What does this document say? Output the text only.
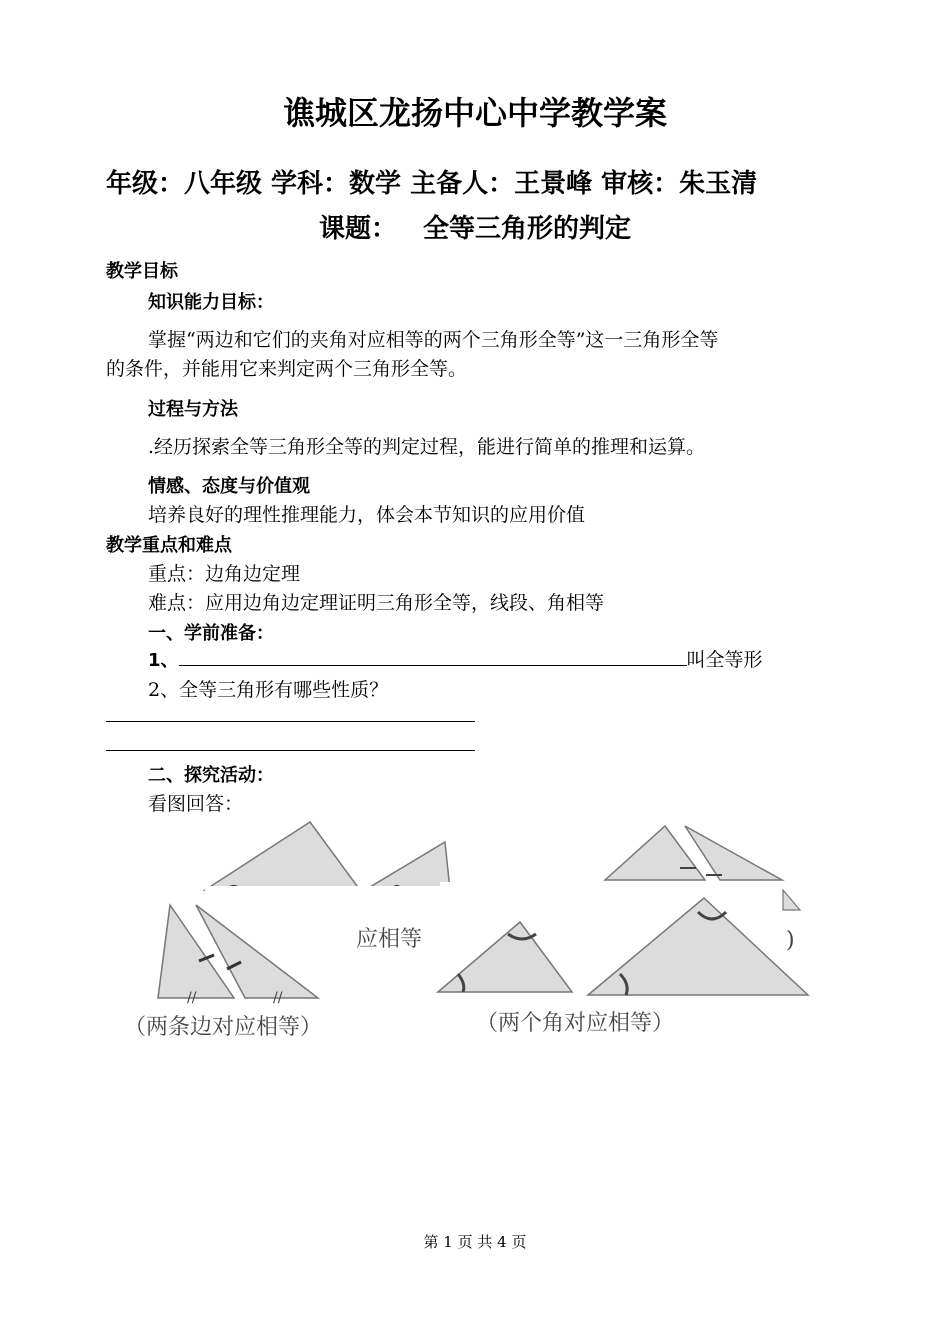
谯城区龙扬中心中学教学案
年级：八年级 学科：数学 主备人：王景峰 审核：朱玉清
课题： 全等三角形的判定
教学目标
知识能力目标：
掌握“两边和它们的夹角对应相等的两个三角形全等”这一三角形全等
的条件，并能用它来判定两个三角形全等。
过程与方法
.经历探索全等三角形全等的判定过程，能进行简单的推理和运算。
情感、态度与价值观
培养良好的理性推理能力，体会本节知识的应用价值
教学重点和难点
重点：边角边定理
难点：应用边角边定理证明三角形全等，线段、角相等
一、学前准备：
1、	叫全等形
2、全等三角形有哪些性质？
二、探究活动：
看图回答：
//	//
应相等	)
（两条边对应相等）	（两个角对应相等）
第 1 页 共 4 页
